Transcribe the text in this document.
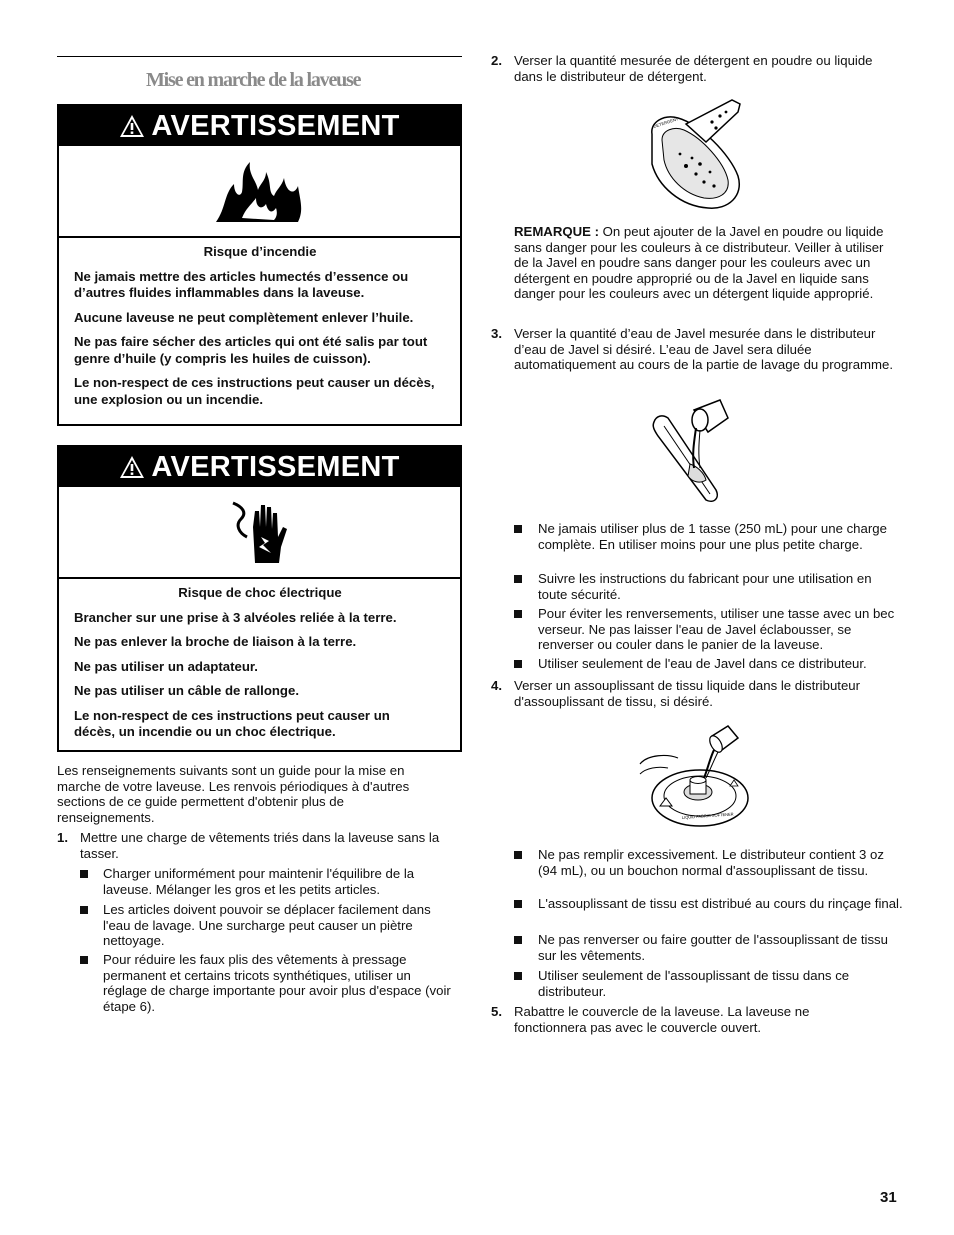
Mise en marche de la laveuse
AVERTISSEMENT

Risque d’incendie

Ne jamais mettre des articles humectés d’essence ou d’autres fluides inflammables dans la laveuse.

Aucune laveuse ne peut complètement enlever l’huile.

Ne pas faire sécher des articles qui ont été salis par tout genre d’huile (y compris les huiles de cuisson).

Le non-respect de ces instructions peut causer un décès, une explosion ou un incendie.

AVERTISSEMENT

Risque de choc électrique

Brancher sur une prise à 3 alvéoles reliée à la terre.

Ne pas enlever la broche de liaison à la terre.

Ne pas utiliser un adaptateur.

Ne pas utiliser un câble de rallonge.

Le non-respect de ces instructions peut causer un décès, un incendie ou un choc électrique.

Les renseignements suivants sont un guide pour la mise en marche de votre laveuse. Les renvois périodiques à d'autres sections de ce guide permettent d'obtenir plus de renseignements.
1. Mettre une charge de vêtements triés dans la laveuse sans la tasser.
Charger uniformément pour maintenir l'équilibre de la laveuse. Mélanger les gros et les petits articles.
Les articles doivent pouvoir se déplacer facilement dans l'eau de lavage. Une surcharge peut causer un piètre nettoyage.
Pour réduire les faux plis des vêtements à pressage permanent et certains tricots synthétiques, utiliser un réglage de charge importante pour avoir plus d'espace (voir étape 6).
2. Verser la quantité mesurée de détergent en poudre ou liquide dans le distributeur de détergent.
DETERGENT
REMARQUE : On peut ajouter de la Javel en poudre ou liquide sans danger pour les couleurs à ce distributeur. Veiller à utiliser de la Javel en poudre sans danger pour les couleurs avec un détergent en poudre approprié ou de la Javel en liquide sans danger pour les couleurs avec un détergent liquide approprié.
3. Verser la quantité d’eau de Javel mesurée dans le distributeur d’eau de Javel si désiré. L’eau de Javel sera diluée automatiquement au cours de la partie de lavage du programme.
Ne jamais utiliser plus de 1 tasse (250 mL) pour une charge complète. En utiliser moins pour une plus petite charge.
Suivre les instructions du fabricant pour une utilisation en toute sécurité.
Pour éviter les renversements, utiliser une tasse avec un bec verseur. Ne pas laisser l'eau de Javel éclabousser, se renverser ou couler dans le panier de la laveuse.
Utiliser seulement de l'eau de Javel dans ce distributeur.
4. Verser un assouplissant de tissu liquide dans le distributeur d'assouplissant de tissu, si désiré.
LIQUID FABRIC SOFTENER
Ne pas remplir excessivement. Le distributeur contient 3 oz (94 mL), ou un bouchon normal d'assouplissant de tissu.
L'assouplissant de tissu est distribué au cours du rinçage final.
Ne pas renverser ou faire goutter de l'assouplissant de tissu sur les vêtements.
Utiliser seulement de l'assouplissant de tissu dans ce distributeur.
5. Rabattre le couvercle de la laveuse. La laveuse ne fonctionnera pas avec le couvercle ouvert.
31
